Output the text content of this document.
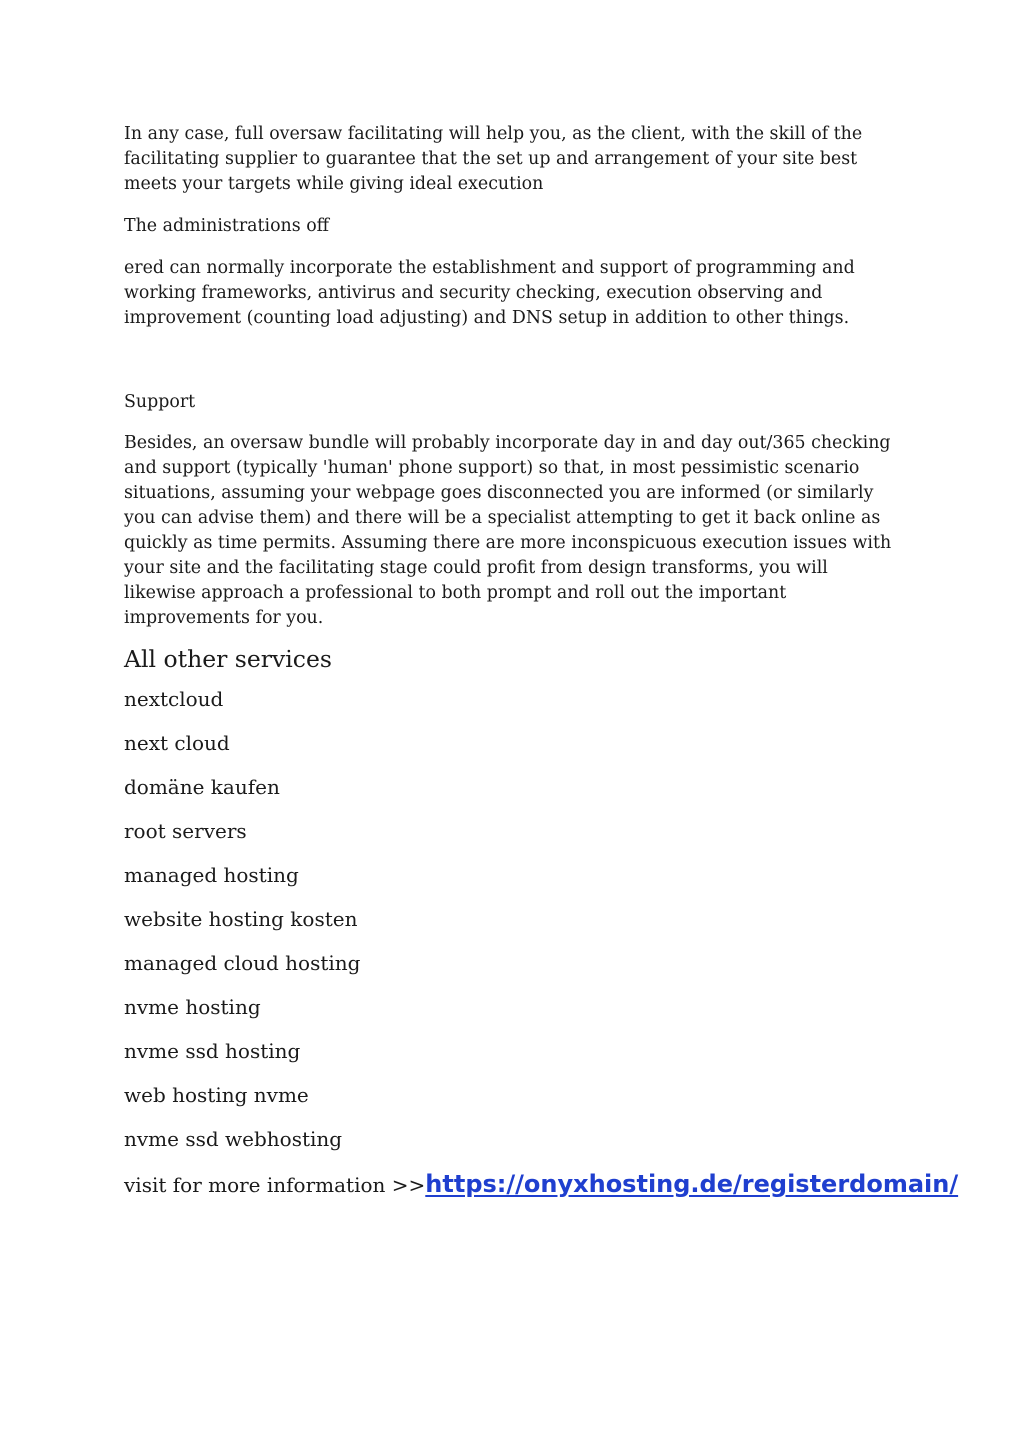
In any case, full oversaw facilitating will help you, as the client, with the skill of the facilitating supplier to guarantee that the set up and arrangement of your site best meets your targets while giving ideal execution

The administrations off

ered can normally incorporate the establishment and support of programming and working frameworks, antivirus and security checking, execution observing and improvement (counting load adjusting) and DNS setup in addition to other things.

Support

Besides, an oversaw bundle will probably incorporate day in and day out/365 checking and support (typically 'human' phone support) so that, in most pessimistic scenario situations, assuming your webpage goes disconnected you are informed (or similarly you can advise them) and there will be a specialist attempting to get it back online as quickly as time permits. Assuming there are more inconspicuous execution issues with your site and the facilitating stage could profit from design transforms, you will likewise approach a professional to both prompt and roll out the important improvements for you.

All other services
nextcloud
next cloud
domäne kaufen
root servers
managed hosting
website hosting kosten
managed cloud hosting
nvme hosting
nvme ssd hosting
web hosting nvme
nvme ssd webhosting

visit for more information >>https://onyxhosting.de/registerdomain/
